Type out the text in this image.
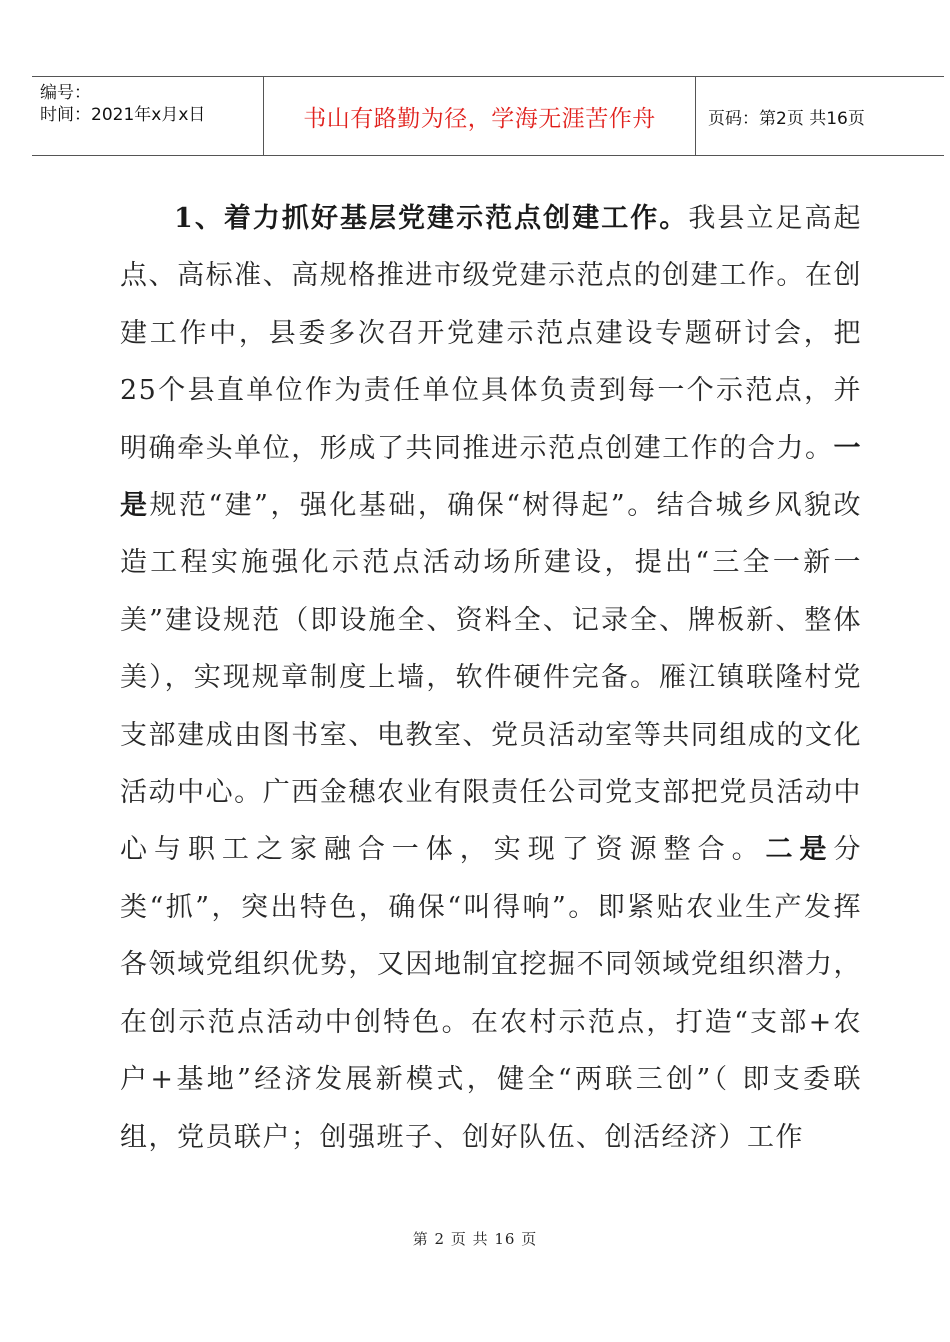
编号：
时间：2021年x月x日	书山有路勤为径，学海无涯苦作舟	页码：第2页 共16页

1、着力抓好基层党建示范点创建工作。我县立足高起点、高标准、高规格推进市级党建示范点的创建工作。在创建工作中，县委多次召开党建示范点建设专题研讨会，把25个县直单位作为责任单位具体负责到每一个示范点，并明确牵头单位，形成了共同推进示范点创建工作的合力。一是规范“建”，强化基础，确保“树得起”。结合城乡风貌改造工程实施强化示范点活动场所建设，提出“三全一新一美”建设规范（即设施全、资料全、记录全、牌板新、整体美），实现规章制度上墙，软件硬件完备。雁江镇联隆村党支部建成由图书室、电教室、党员活动室等共同组成的文化活动中心。广西金穗农业有限责任公司党支部把党员活动中心与职工之家融合一体，实现了资源整合。二是分类“抓”，突出特色，确保“叫得响”。即紧贴农业生产发挥各领域党组织优势，又因地制宜挖掘不同领域党组织潜力，在创示范点活动中创特色。在农村示范点，打造“支部+农户+基地”经济发展新模式，健全“两联三创”（ 即支委联组，党员联户；创强班子、创好队伍、创活经济）工作

第 2 页 共 16 页
